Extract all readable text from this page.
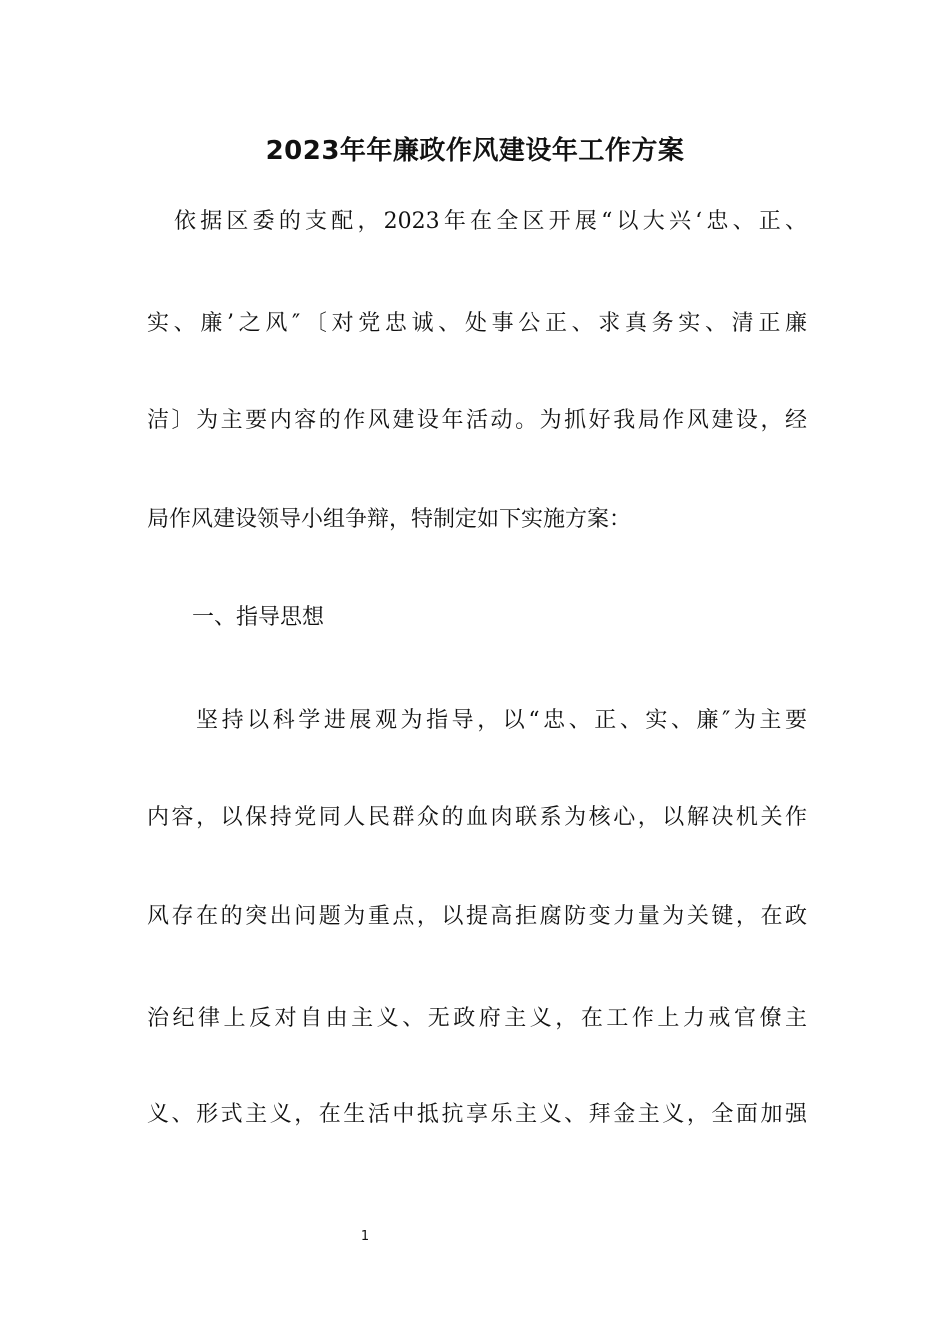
2023年年廉政作风建设年工作方案
依据区委的支配，2023年在全区开展“以大兴‘忠、正、
实、廉’之风″〔对党忠诚、处事公正、求真务实、清正廉
洁〕为主要内容的作风建设年活动。为抓好我局作风建设，经
局作风建设领导小组争辩，特制定如下实施方案：
一、指导思想
坚持以科学进展观为指导，以“忠、正、实、廉″为主要
内容，以保持党同人民群众的血肉联系为核心，以解决机关作
风存在的突出问题为重点，以提高拒腐防变力量为关键，在政
治纪律上反对自由主义、无政府主义，在工作上力戒官僚主
义、形式主义，在生活中抵抗享乐主义、拜金主义，全面加强
1
